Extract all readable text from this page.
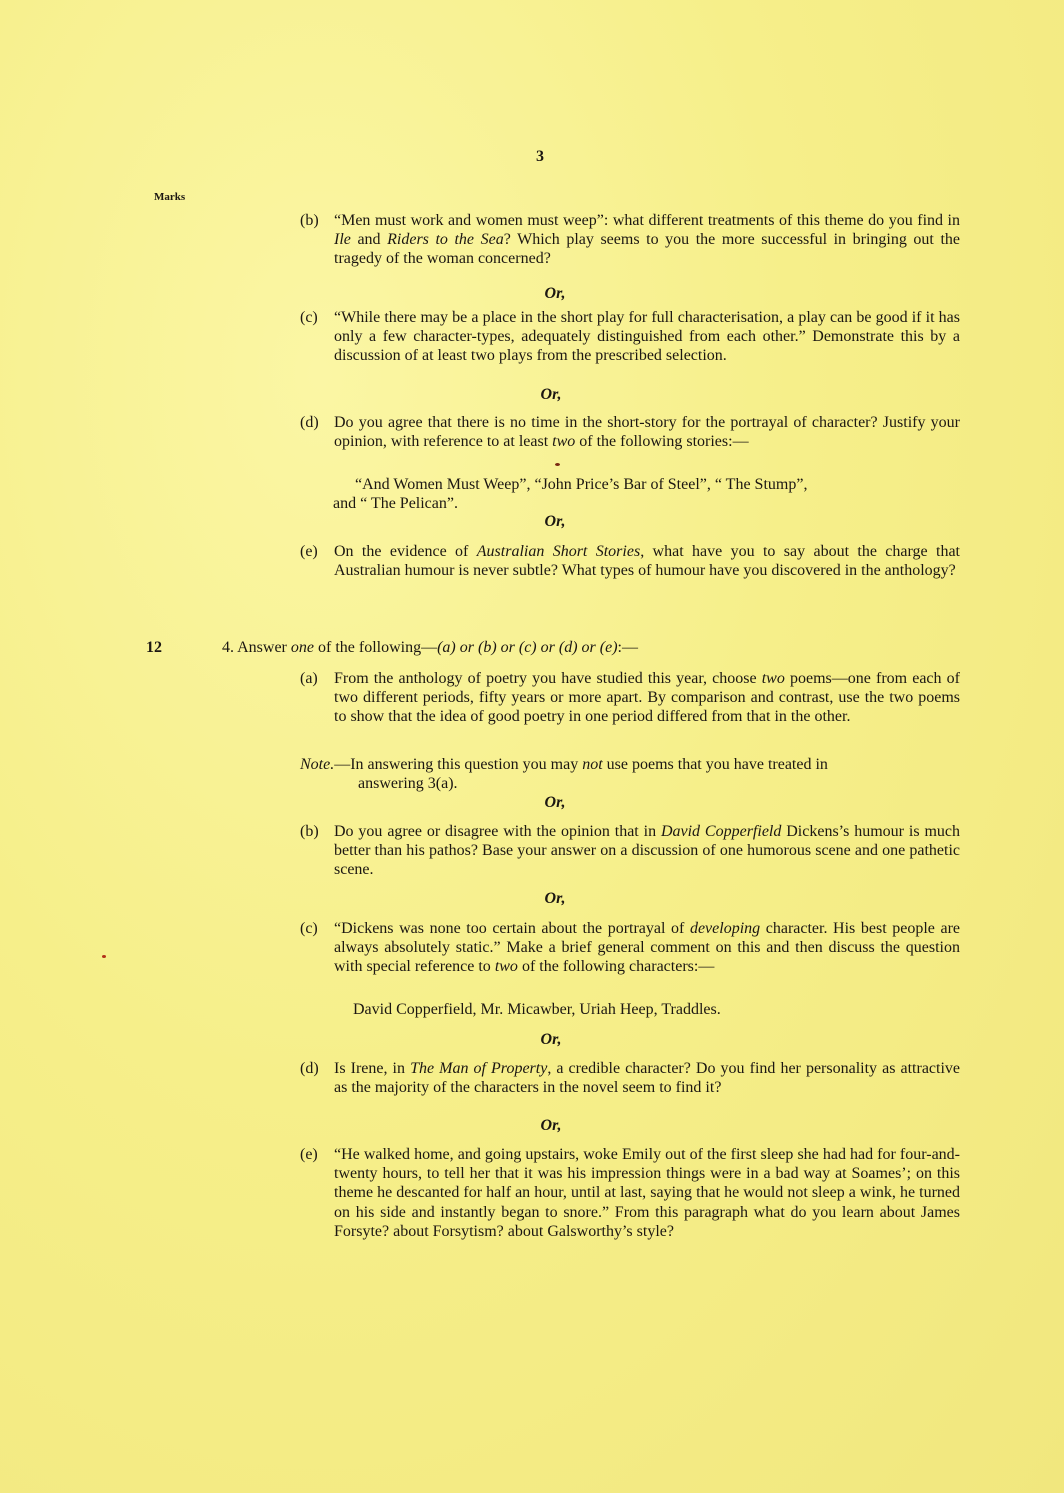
3
Marks
(b) “Men must work and women must weep”: what different treatments of this theme do you find in Ile and Riders to the Sea? Which play seems to you the more successful in bringing out the tragedy of the woman concerned?
Or,
(c) “While there may be a place in the short play for full characterisation, a play can be good if it has only a few character-types, adequately distinguished from each other.” Demonstrate this by a discussion of at least two plays from the prescribed selection.
Or,
(d) Do you agree that there is no time in the short-story for the portrayal of character? Justify your opinion, with reference to at least two of the following stories:—
“And Women Must Weep”, “John Price’s Bar of Steel”, “ The Stump”,
and “ The Pelican”.
Or,
(e) On the evidence of Australian Short Stories, what have you to say about the charge that Australian humour is never subtle? What types of humour have you discovered in the anthology?
12	4. Answer one of the following—(a) or (b) or (c) or (d) or (e):—
(a) From the anthology of poetry you have studied this year, choose two poems—one from each of two different periods, fifty years or more apart. By comparison and contrast, use the two poems to show that the idea of good poetry in one period differed from that in the other.
Note.—In answering this question you may not use poems that you have treated in
answering 3(a).
Or,
(b) Do you agree or disagree with the opinion that in David Copperfield Dickens’s humour is much better than his pathos? Base your answer on a discussion of one humorous scene and one pathetic scene.
Or,
(c) “Dickens was none too certain about the portrayal of developing character. His best people are always absolutely static.” Make a brief general comment on this and then discuss the question with special reference to two of the following characters:—
David Copperfield, Mr. Micawber, Uriah Heep, Traddles.
Or,
(d) Is Irene, in The Man of Property, a credible character? Do you find her personality as attractive as the majority of the characters in the novel seem to find it?
Or,
(e) “He walked home, and going upstairs, woke Emily out of the first sleep she had had for four-and-twenty hours, to tell her that it was his impression things were in a bad way at Soames’; on this theme he descanted for half an hour, until at last, saying that he would not sleep a wink, he turned on his side and instantly began to snore.” From this paragraph what do you learn about James Forsyte? about Forsytism? about Galsworthy’s style?
